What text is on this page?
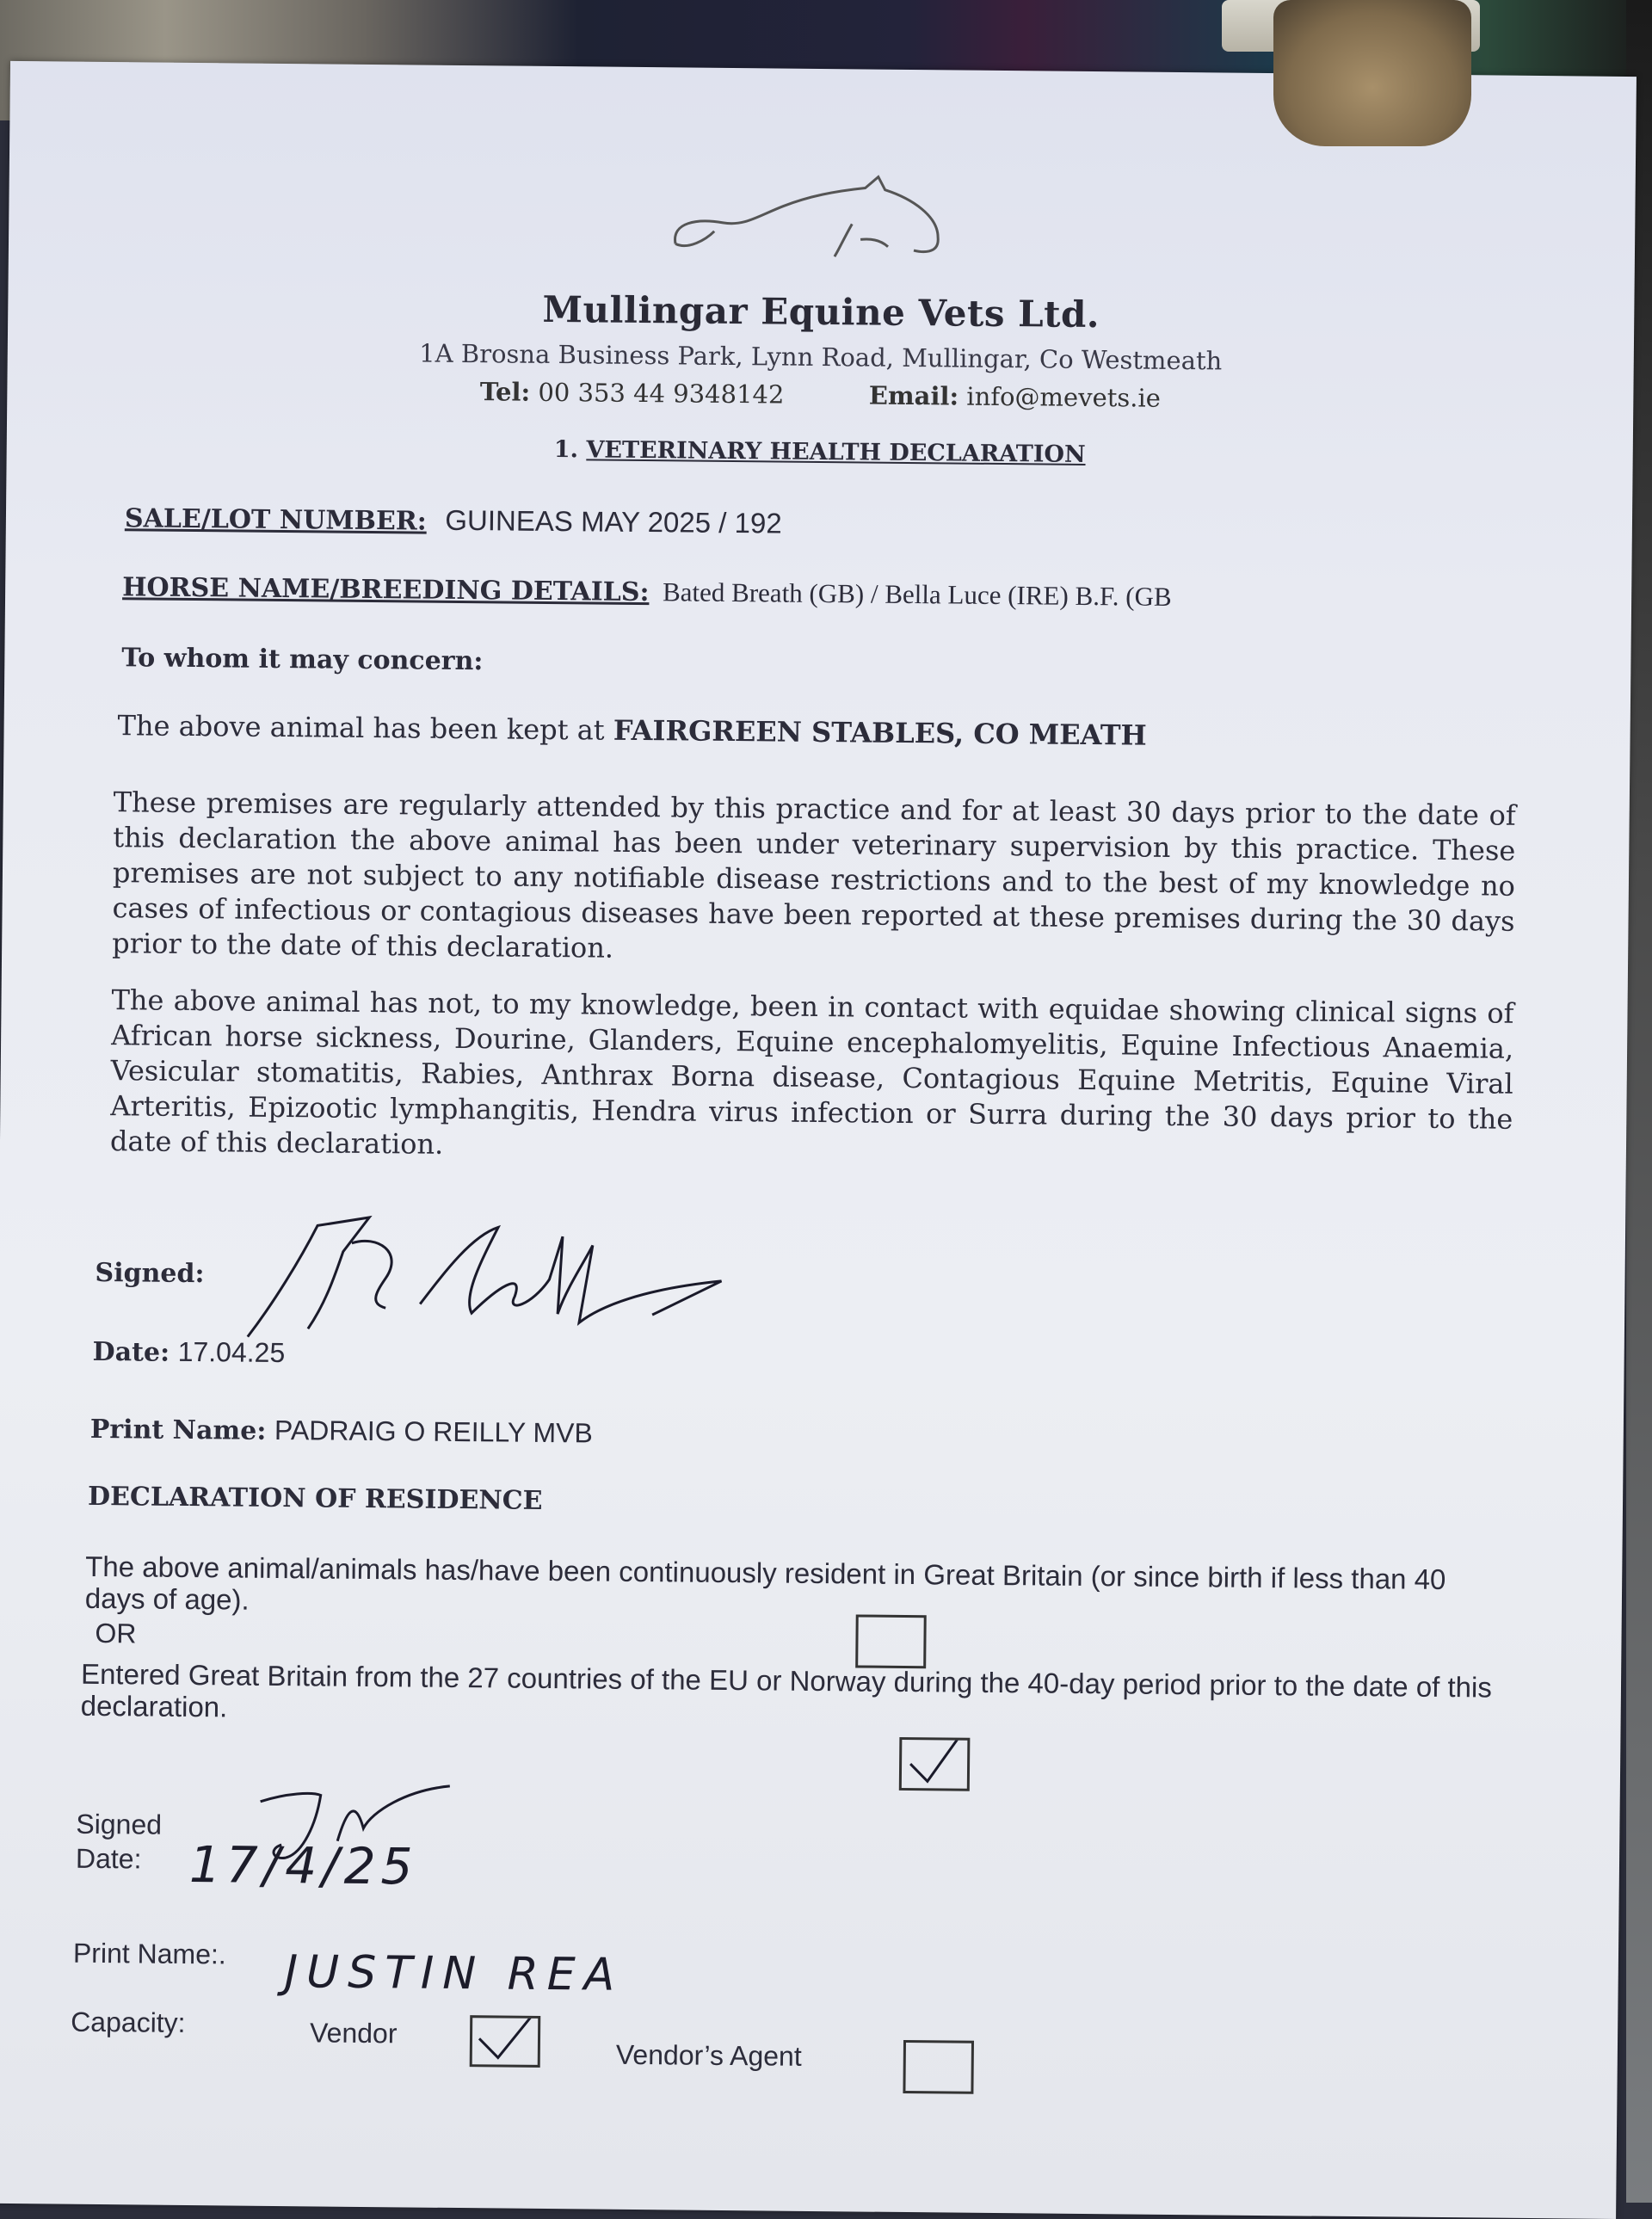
Mullingar Equine Vets Ltd.
1A Brosna Business Park, Lynn Road, Mullingar, Co Westmeath
Tel: 00 353 44 9348142	Email: info@mevets.ie
1. VETERINARY HEALTH DECLARATION
SALE/LOT NUMBER: GUINEAS MAY 2025 / 192
HORSE NAME/BREEDING DETAILS: Bated Breath (GB) / Bella Luce (IRE) B.F. (GB
To whom it may concern:
The above animal has been kept at FAIRGREEN STABLES, CO MEATH
These premises are regularly attended by this practice and for at least 30 days prior to the date of this declaration the above animal has been under veterinary supervision by this practice. These premises are not subject to any notifiable disease restrictions and to the best of my knowledge no cases of infectious or contagious diseases have been reported at these premises during the 30 days prior to the date of this declaration.
The above animal has not, to my knowledge, been in contact with equidae showing clinical signs of African horse sickness, Dourine, Glanders, Equine encephalomyelitis, Equine Infectious Anaemia, Vesicular stomatitis, Rabies, Anthrax Borna disease, Contagious Equine Metritis, Equine Viral Arteritis, Epizootic lymphangitis, Hendra virus infection or Surra during the 30 days prior to the date of this declaration.
Signed:
Date: 17.04.25
Print Name: PADRAIG O REILLY MVB
DECLARATION OF RESIDENCE
The above animal/animals has/have been continuously resident in Great Britain (or since birth if less than 40 days of age).
OR
Entered Great Britain from the 27 countries of the EU or Norway during the 40-day period prior to the date of this declaration.
Signed
Date: 17/4/25
Print Name:. JUSTIN REA
Capacity:	Vendor
Vendor’s Agent
